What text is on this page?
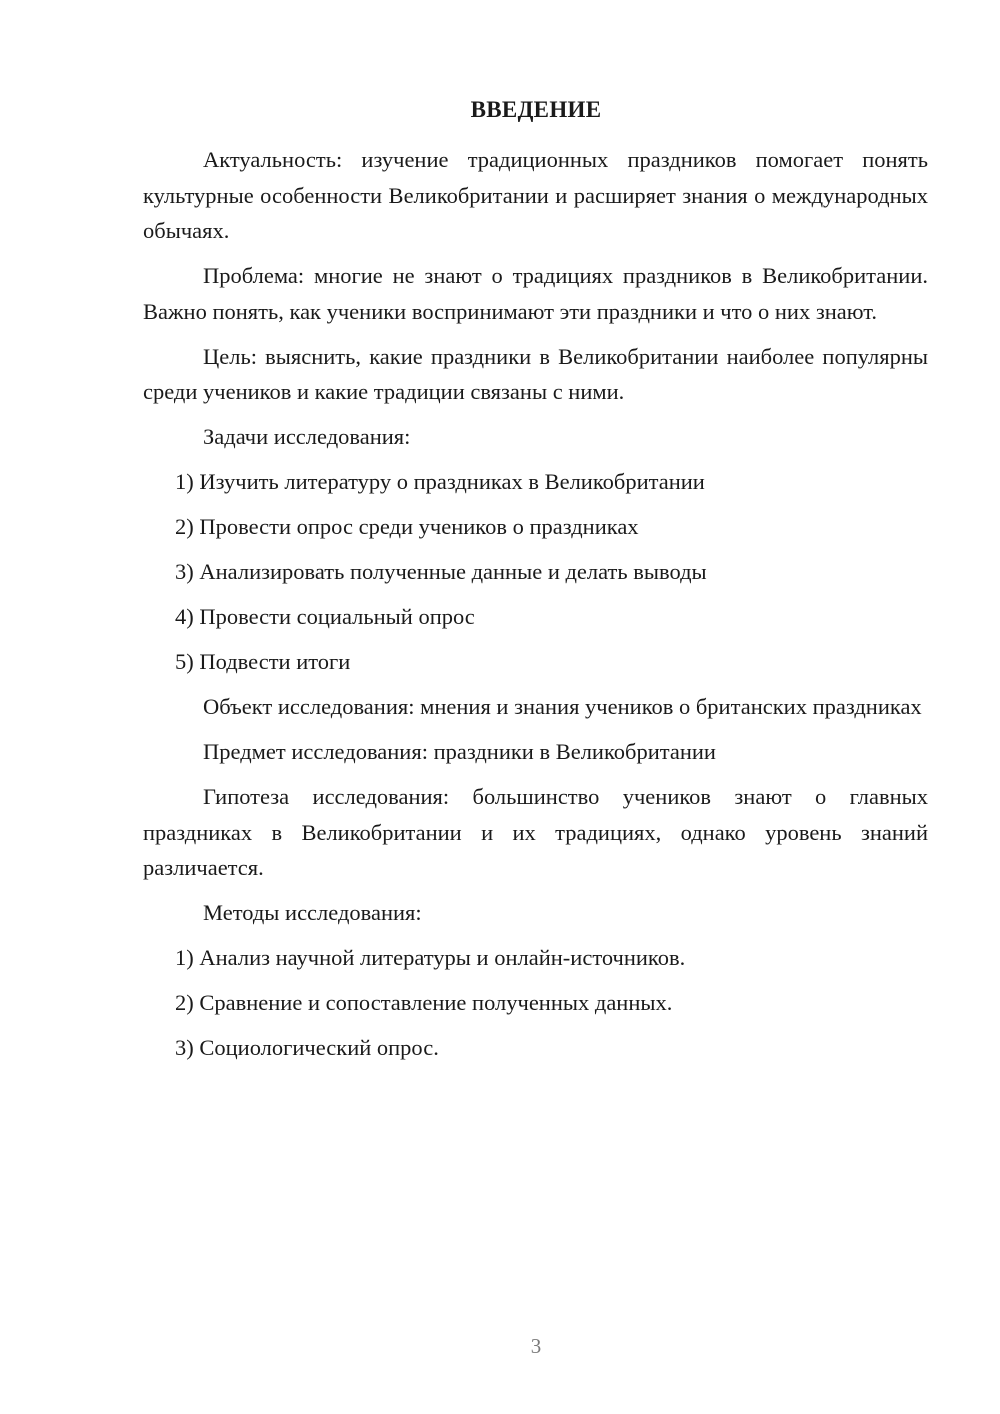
ВВЕДЕНИЕ

Актуальность: изучение традиционных праздников помогает понять культурные особенности Великобритании и расширяет знания о международных обычаях.

Проблема: многие не знают о традициях праздников в Великобритании. Важно понять, как ученики воспринимают эти праздники и что о них знают.

Цель: выяснить, какие праздники в Великобритании наиболее популярны среди учеников и какие традиции связаны с ними.

Задачи исследования:

1) Изучить литературу о праздниках в Великобритании

2) Провести опрос среди учеников о праздниках

3) Анализировать полученные данные и делать выводы

4) Провести социальный опрос

5) Подвести итоги

Объект исследования: мнения и знания учеников о британских праздниках

Предмет исследования: праздники в Великобритании

Гипотеза исследования: большинство учеников знают о главных праздниках в Великобритании и их традициях, однако уровень знаний различается.

Методы исследования:

1) Анализ научной литературы и онлайн-источников.

2) Сравнение и сопоставление полученных данных.

3) Социологический опрос.

3
